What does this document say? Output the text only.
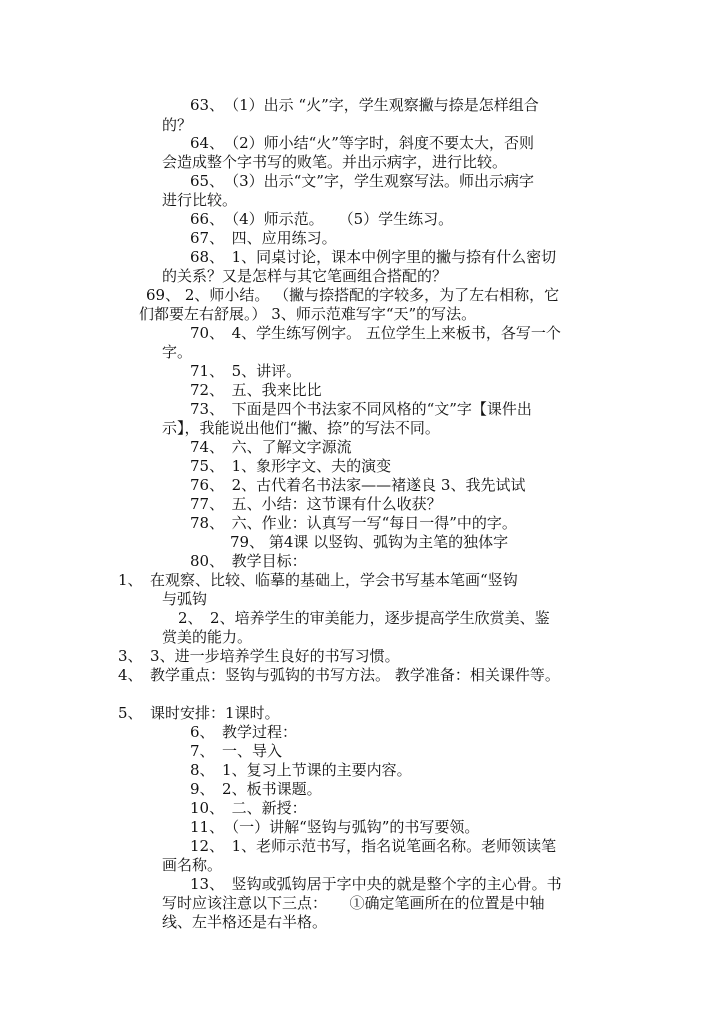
63、　（1）出示 “火”字，学生观察撇与捺是怎样组合
的？
64、　（2）师小结“火”等字时，斜度不要太大，否则
会造成整个字书写的败笔。并出示病字，进行比较。
65、　（3）出示“文”字，学生观察写法。师出示病字
进行比较。
66、　（4）师示范。　　（5）学生练习。
67、　四、应用练习。
68、　1、同桌讨论，课本中例字里的撇与捺有什么密切
的关系？又是怎样与其它笔画组合搭配的？
69、 2、师小结。 （撇与捺搭配的字较多，为了左右相称，它
们都要左右舒展。） 3、师示范难写字“天”的写法。
70、　4、学生练写例字。 五位学生上来板书，各写一个
字。
71、　5、讲评。
72、　五、我来比比
73、　下面是四个书法家不同风格的“文”字【课件出
示】，我能说出他们“撇、捺”的写法不同。
74、　六、了解文字源流
75、　1、象形字文、夫的演变
76、　2、古代着名书法家——褚遂良 3、我先试试
77、　五、小结：这节课有什么收获？
78、　六、作业：认真写一写“每日一得”中的字。
79、 第4课 以竖钩、弧钩为主笔的独体字
80、　教学目标：
1、　在观察、比较、临摹的基础上，学会书写基本笔画“竖钩
与弧钩
2、　2、培养学生的审美能力，逐步提高学生欣赏美、鉴
赏美的能力。
3、　3、进一步培养学生良好的书写习惯。
4、　教学重点：竖钩与弧钩的书写方法。 教学准备：相关课件等。
5、　课时安排：1课时。
6、　教学过程：
7、　一、导入
8、　1、复习上节课的主要内容。
9、　2、板书课题。
10、　二、新授：
11、　（一）讲解“竖钩与弧钩”的书写要领。
12、　1、老师示范书写，指名说笔画名称。老师领读笔
画名称。
13、　竖钩或弧钩居于字中央的就是整个字的主心骨。书
写时应该注意以下三点：　　①确定笔画所在的位置是中轴
线、左半格还是右半格。
